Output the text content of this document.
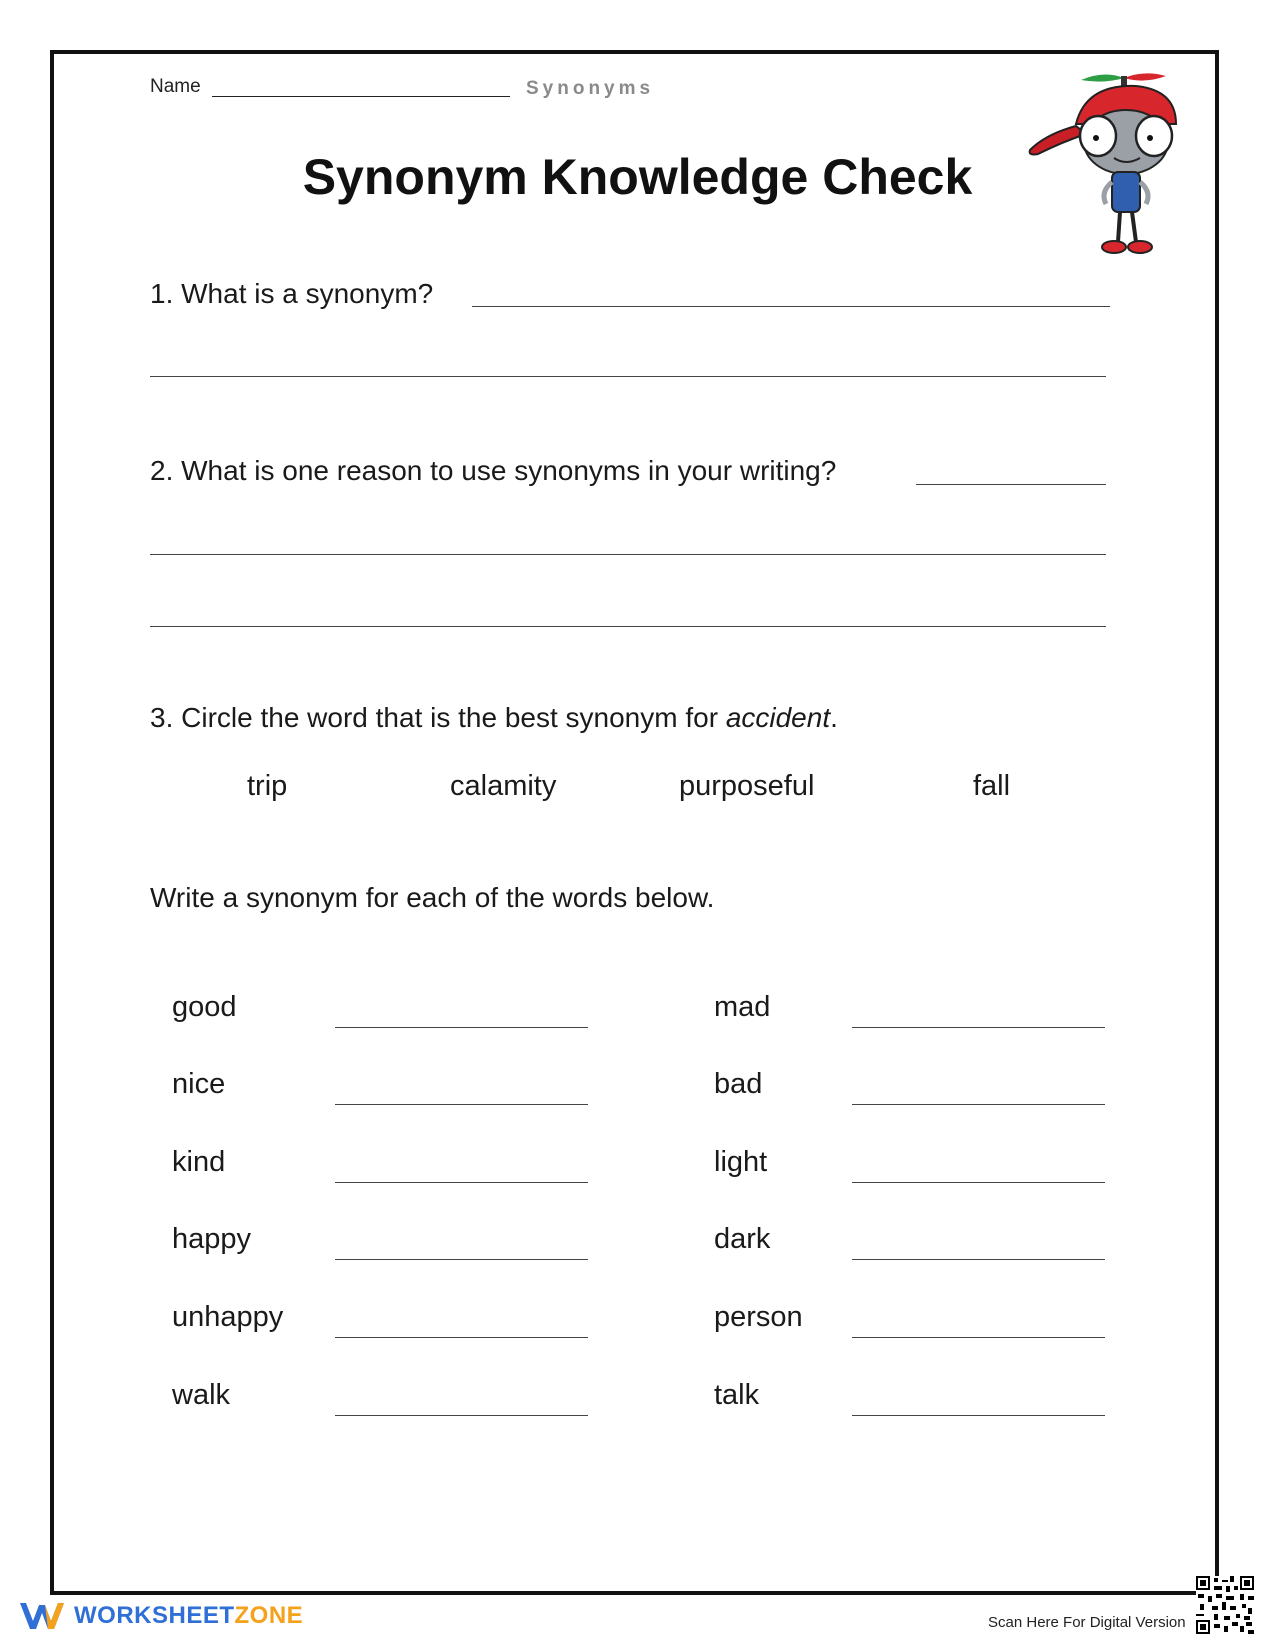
Name	Synonyms
Synonym Knowledge Check
1. What is a synonym?
2. What is one reason to use synonyms in your writing?
3. Circle the word that is the best synonym for accident.
trip	calamity	purposeful	fall
Write a synonym for each of the words below.
good
nice
kind
happy
unhappy
walk
mad
bad
light
dark
person
talk
WORKSHEETZONE	Scan Here For Digital Version
